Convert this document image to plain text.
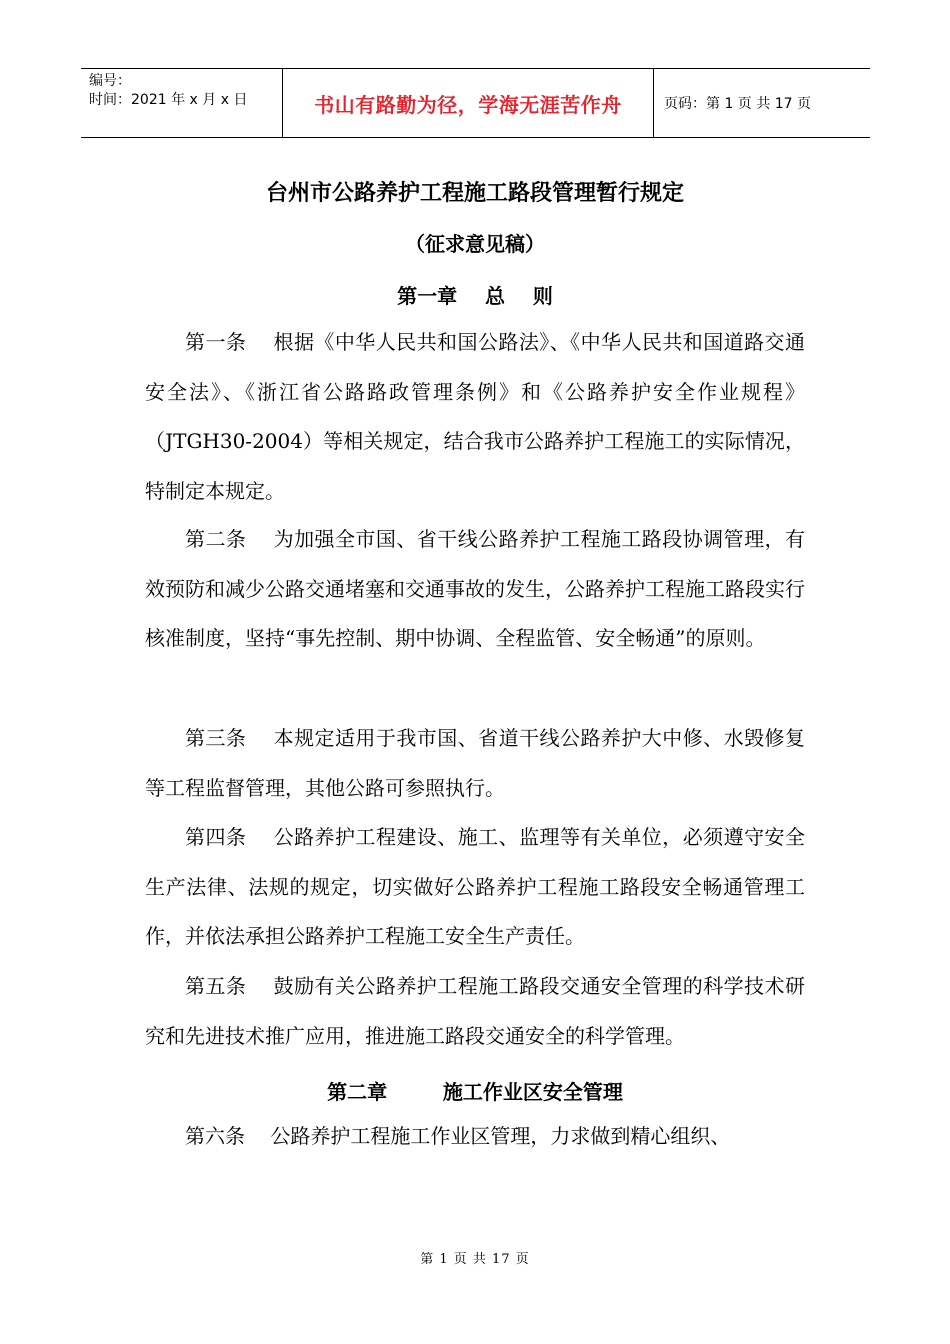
编号：
时间：2021 年 x 月 x 日	书山有路勤为径，学海无涯苦作舟	页码：第 1 页 共 17 页
台州市公路养护工程施工路段管理暂行规定
（征求意见稿）
第一章    总    则
第一条    根据《中华人民共和国公路法》、《中华人民共和国道路交通安全法》、《浙江省公路路政管理条例》和《公路养护安全作业规程》（JTGH30-2004）等相关规定，结合我市公路养护工程施工的实际情况，特制定本规定。
第二条    为加强全市国、省干线公路养护工程施工路段协调管理，有效预防和减少公路交通堵塞和交通事故的发生，公路养护工程施工路段实行核准制度，坚持“事先控制、期中协调、全程监管、安全畅通”的原则。
第三条    本规定适用于我市国、省道干线公路养护大中修、水毁修复等工程监督管理，其他公路可参照执行。
第四条    公路养护工程建设、施工、监理等有关单位，必须遵守安全生产法律、法规的规定，切实做好公路养护工程施工路段安全畅通管理工作，并依法承担公路养护工程施工安全生产责任。
第五条    鼓励有关公路养护工程施工路段交通安全管理的科学技术研究和先进技术推广应用，推进施工路段交通安全的科学管理。
第二章        施工作业区安全管理
第六条    公路养护工程施工作业区管理，力求做到精心组织、
第 1 页 共 17 页
